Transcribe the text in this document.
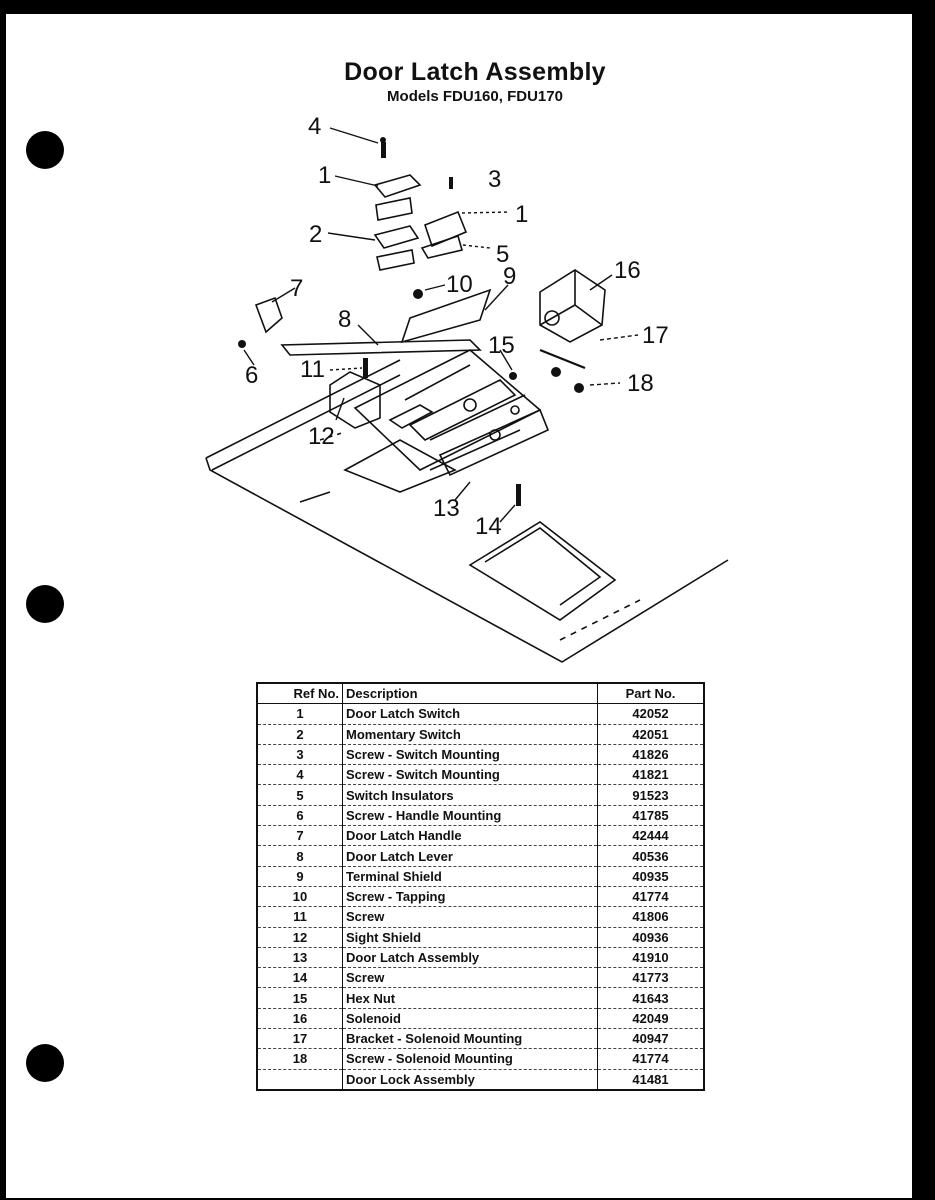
Door Latch Assembly
Models FDU160, FDU170
4
1	3
1
2
5
16
7	10 9
8
17
15
6 11
18
12
13
14
Ref No.	Description	Part No.
1	Door Latch Switch	42052
2	Momentary Switch	42051
3	Screw - Switch Mounting	41826
4	Screw - Switch Mounting	41821
5	Switch Insulators	91523
6	Screw - Handle Mounting	41785
7	Door Latch Handle	42444
8	Door Latch Lever	40536
9	Terminal Shield	40935
10	Screw - Tapping	41774
11	Screw	41806
12	Sight Shield	40936
13	Door Latch Assembly	41910
14	Screw	41773
15	Hex Nut	41643
16	Solenoid	42049
17	Bracket - Solenoid Mounting	40947
18	Screw - Solenoid Mounting	41774
	Door Lock Assembly	41481
